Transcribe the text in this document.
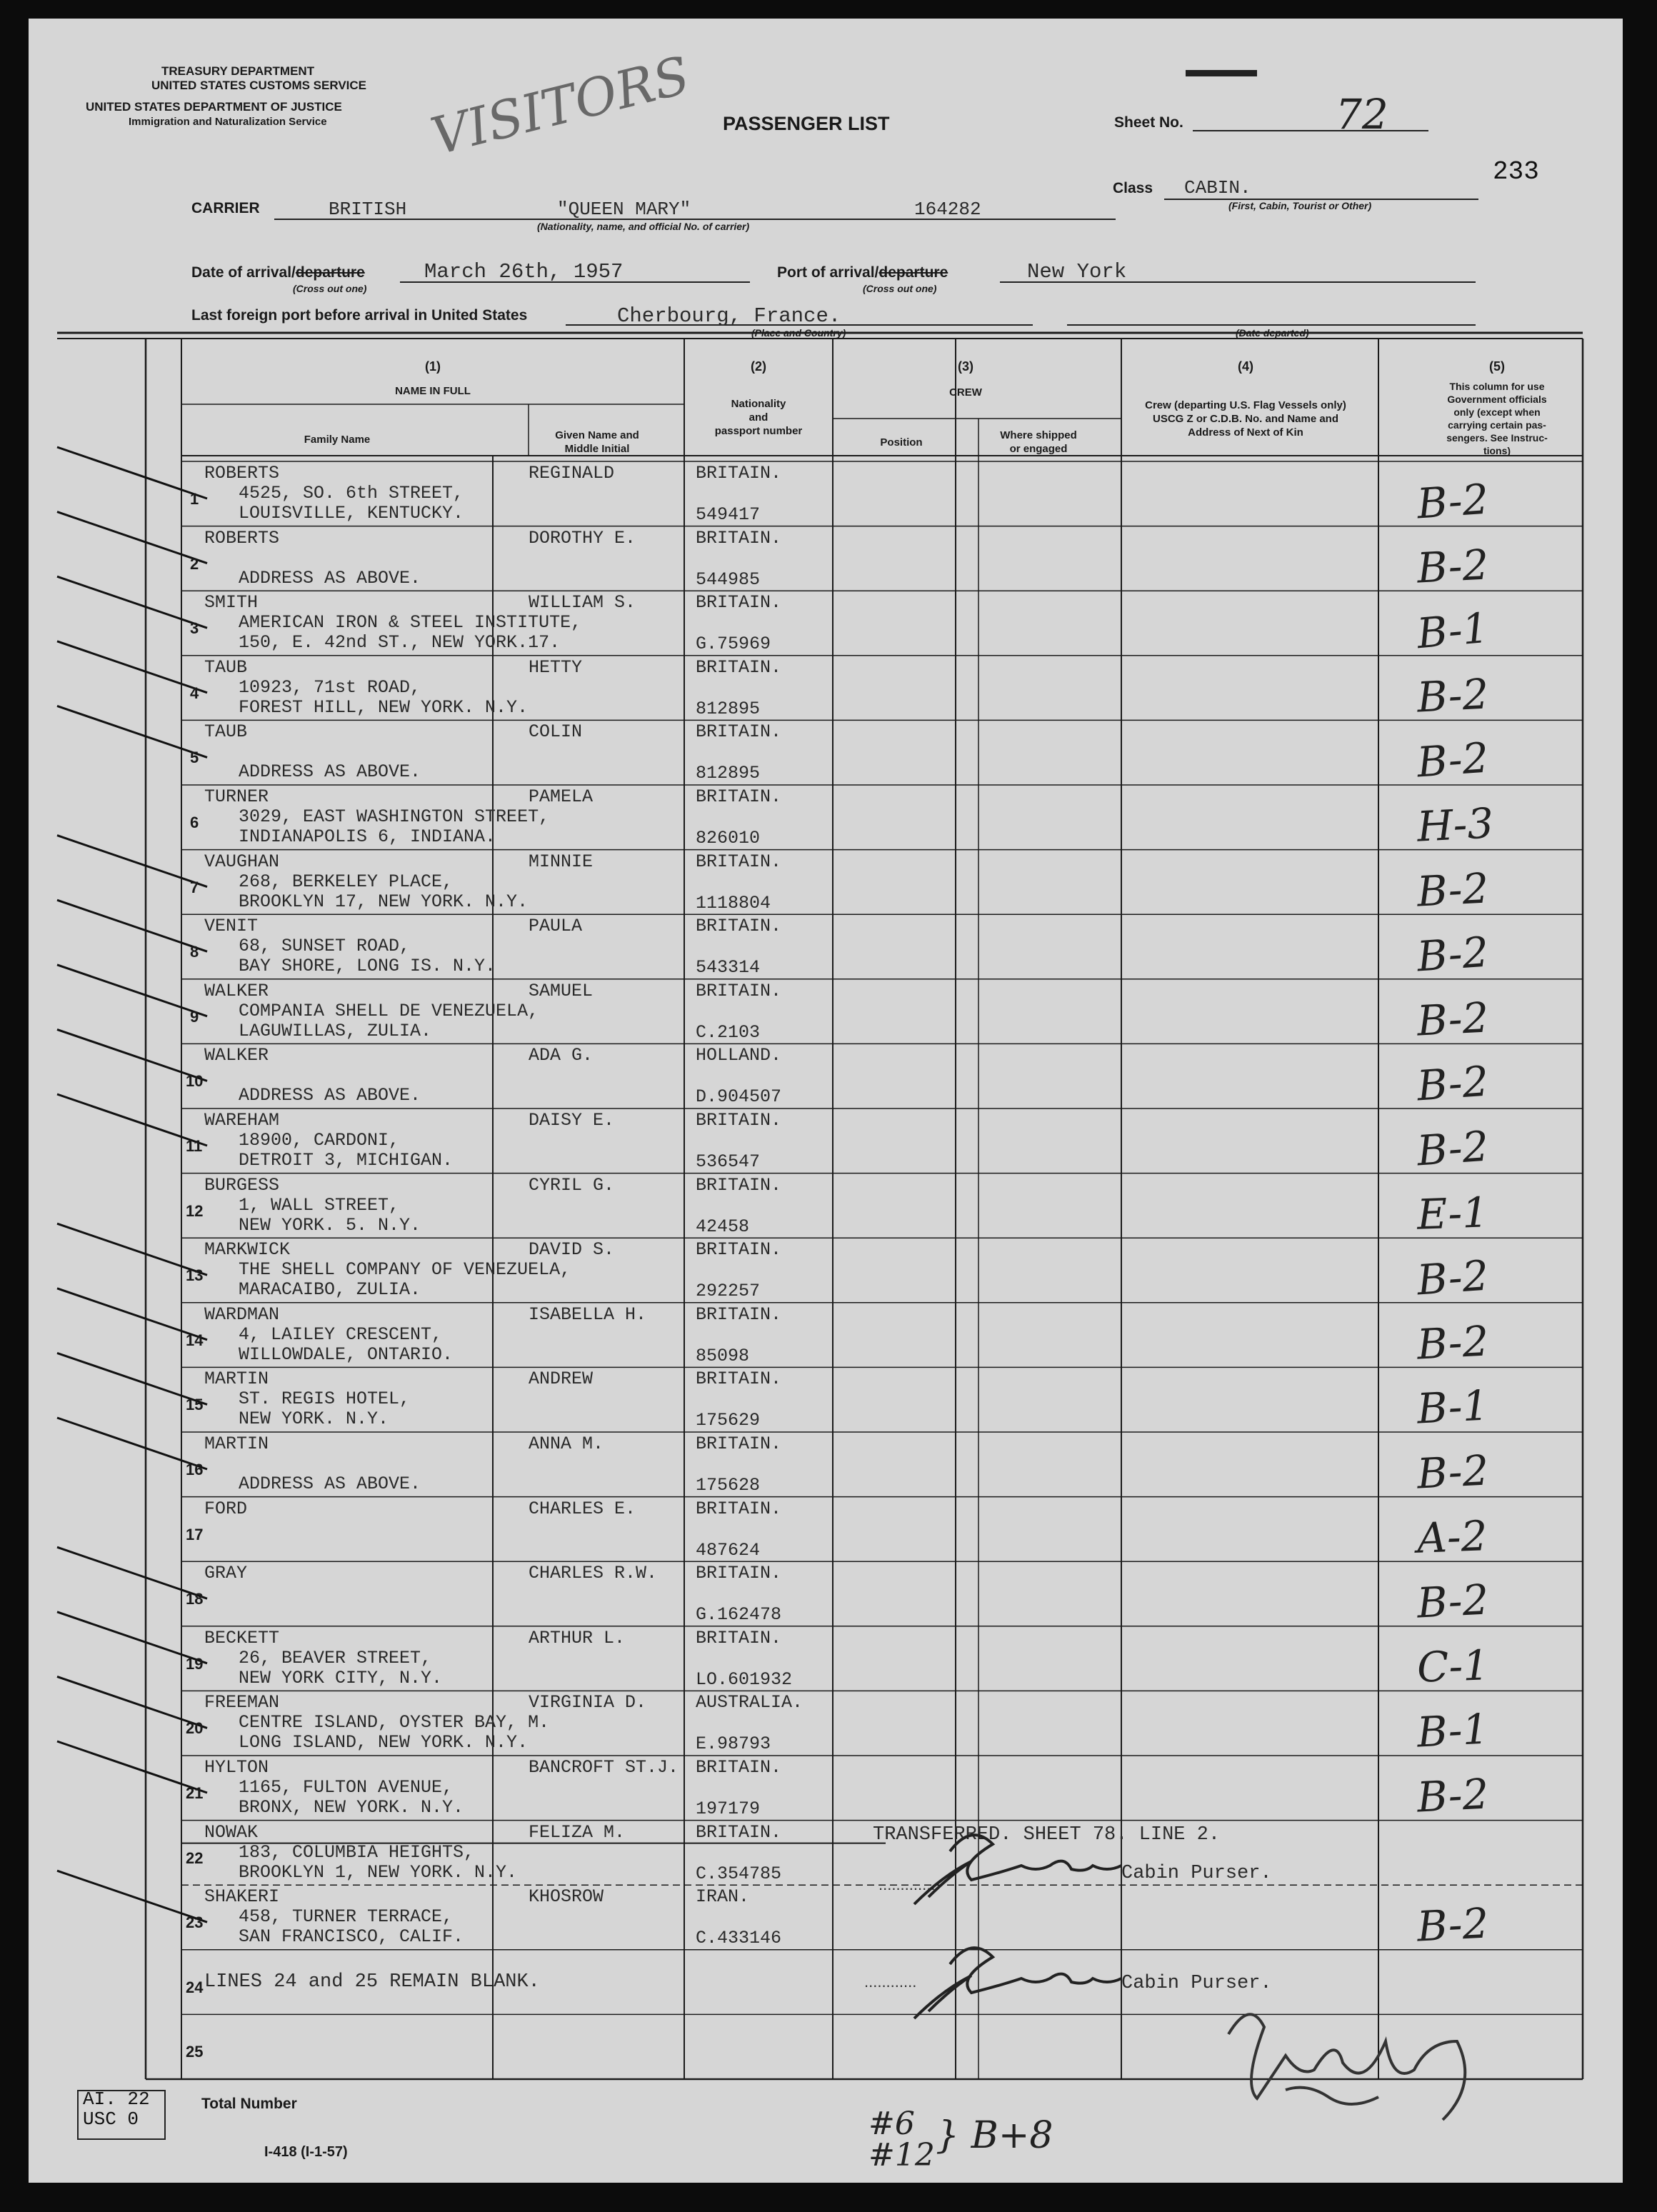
TREASURY DEPARTMENT
UNITED STATES CUSTOMS SERVICE
UNITED STATES DEPARTMENT OF JUSTICE
Immigration and Naturalization Service VISITORS PASSENGER LIST	Sheet No.	72
233
CARRIER	BRITISH	"QUEEN MARY"	164282
(Nationality, name, and official No. of carrier)
Class CABIN.
(First, Cabin, Tourist or Other)
Date of arrival/departure
(Cross out one)
March 26th, 1957	Port of arrival/departure
(Cross out one)
New York
Last foreign port before arrival in United States	Cherbourg, France.
(Place and Country)	(Date departed)
(1)
NAME IN FULL
Family Name	Given Name and
Middle Initial
(2)
Nationality
and
passport number
(3)
CREW
Position
Where shipped
or engaged
(4)
Crew (departing U.S. Flag Vessels only)
USCG Z or C.D.B. No. and Name and
Address of Next of Kin
(5)
This column for use
Government officials
only (except when
carrying certain pas-
sengers. See Instruc-
tions)
1
ROBERTS	REGINALD
4525, SO. 6th STREET,
LOUISVILLE, KENTUCKY.
BRITAIN.
549417	B-2
2
ROBERTS	DOROTHY E.
ADDRESS AS ABOVE.
BRITAIN.
544985	B-2
3
SMITH	WILLIAM S.
AMERICAN IRON & STEEL INSTITUTE,
150, E. 42nd ST., NEW YORK.17.
BRITAIN.
G.75969	B-1
4
TAUB	HETTY
10923, 71st ROAD,
FOREST HILL, NEW YORK. N.Y.
BRITAIN.
812895	B-2
5
TAUB	COLIN
ADDRESS AS ABOVE.
BRITAIN.
812895	B-2
6
TURNER	PAMELA
3029, EAST WASHINGTON STREET,
INDIANAPOLIS 6, INDIANA.
BRITAIN.
826010	H-3
7
VAUGHAN	MINNIE
268, BERKELEY PLACE,
BROOKLYN 17, NEW YORK. N.Y.
BRITAIN.
1118804	B-2
8
VENIT	PAULA
68, SUNSET ROAD,
BAY SHORE, LONG IS. N.Y.
BRITAIN.
543314	B-2
9
WALKER	SAMUEL
COMPANIA SHELL DE VENEZUELA,
LAGUWILLAS, ZULIA.
BRITAIN.
C.2103	B-2
10
WALKER	ADA G.
ADDRESS AS ABOVE.
HOLLAND.
D.904507	B-2
11
WAREHAM	DAISY E.
18900, CARDONI,
DETROIT 3, MICHIGAN.
BRITAIN.
536547	B-2
12
BURGESS	CYRIL G.
1, WALL STREET,
NEW YORK. 5. N.Y.
BRITAIN.
42458	E-1
13
MARKWICK	DAVID S.
THE SHELL COMPANY OF VENEZUELA,
MARACAIBO, ZULIA.
BRITAIN.
292257	B-2
14
WARDMAN	ISABELLA H.
4, LAILEY CRESCENT,
WILLOWDALE, ONTARIO.
BRITAIN.
85098	B-2
15
MARTIN	ANDREW
ST. REGIS HOTEL,
NEW YORK. N.Y.
BRITAIN.
175629	B-1
16
MARTIN	ANNA M.
ADDRESS AS ABOVE.
BRITAIN.
175628	B-2
17
FORD	CHARLES E.	BRITAIN.
487624	A-2
18
GRAY	CHARLES R.W. BRITAIN.
G.162478	B-2
19
BECKETT	ARTHUR L.
26, BEAVER STREET,
NEW YORK CITY, N.Y.
BRITAIN.
LO.601932	C-1
20
FREEMAN	VIRGINIA D.
CENTRE ISLAND, OYSTER BAY, M.
LONG ISLAND, NEW YORK. N.Y.
AUSTRALIA.
E.98793	B-1
21
HYLTON	BANCROFT ST.J.
1165, FULTON AVENUE,
BRONX, NEW YORK. N.Y.
BRITAIN.
197179	B-2
22
NOWAK	FELIZA M.
183, COLUMBIA HEIGHTS,
BROOKLYN 1, NEW YORK. N.Y.
BRITAIN.
C.354785
23
SHAKERI	KHOSROW
458, TURNER TERRACE,
SAN FRANCISCO, CALIF.
IRAN.
C.433146	B-2
24
25
TRANSFERRED. SHEET 78. LINE 2.
Cabin Purser.
..............
LINES 24 and 25 REMAIN BLANK.	Cabin Purser.
............
AI. 22
USC 0
Total Number
I-418 (I-1-57)
#6
#12 } B+8
